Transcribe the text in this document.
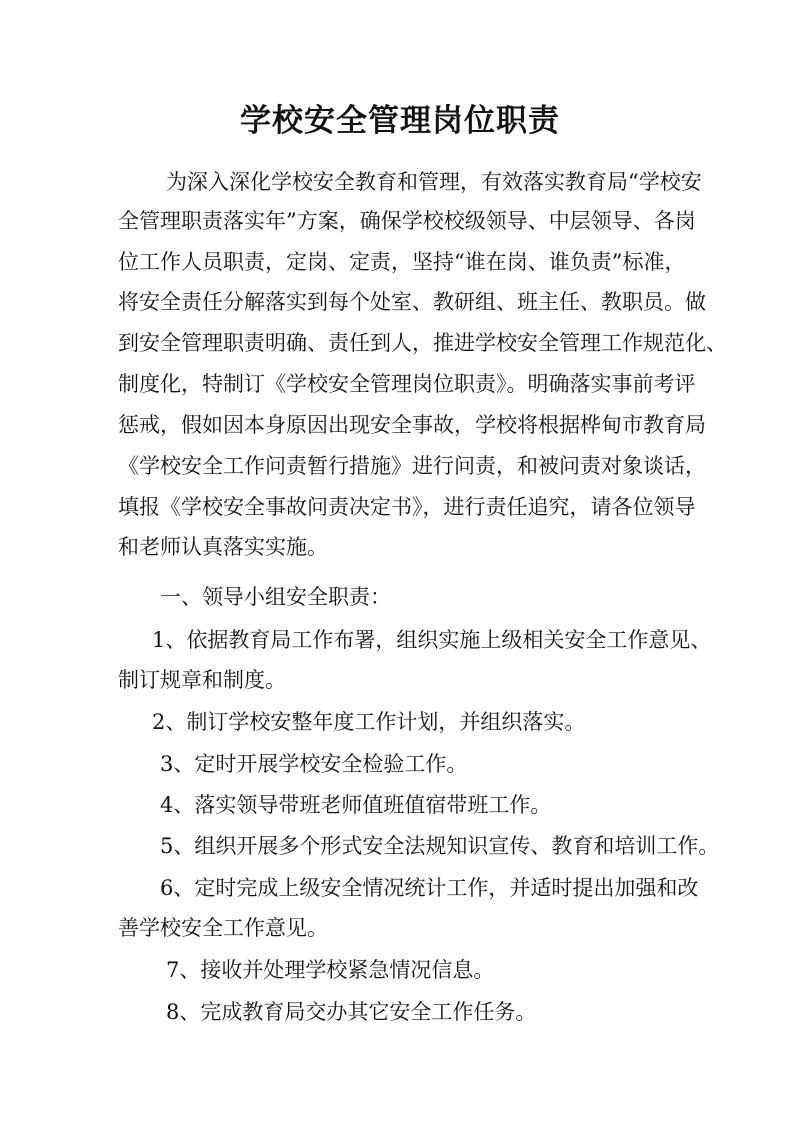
学校安全管理岗位职责
为深入深化学校安全教育和管理，有效落实教育局“学校安
全管理职责落实年”方案，确保学校校级领导、中层领导、各岗
位工作人员职责，定岗、定责，坚持“谁在岗、谁负责”标准，
将安全责任分解落实到每个处室、教研组、班主任、教职员。做
到安全管理职责明确、责任到人，推进学校安全管理工作规范化、
制度化，特制订《学校安全管理岗位职责》。明确落实事前考评
惩戒，假如因本身原因出现安全事故，学校将根据桦甸市教育局
《学校安全工作问责暂行措施》进行问责，和被问责对象谈话，
填报《学校安全事故问责决定书》，进行责任追究，请各位领导
和老师认真落实实施。
一、领导小组安全职责：
1、依据教育局工作布署，组织实施上级相关安全工作意见、
制订规章和制度。
2、制订学校安整年度工作计划，并组织落实。
3、定时开展学校安全检验工作。
4、落实领导带班老师值班值宿带班工作。
5、组织开展多个形式安全法规知识宣传、教育和培训工作。
6、定时完成上级安全情况统计工作，并适时提出加强和改
善学校安全工作意见。
7、接收并处理学校紧急情况信息。
8、完成教育局交办其它安全工作任务。
